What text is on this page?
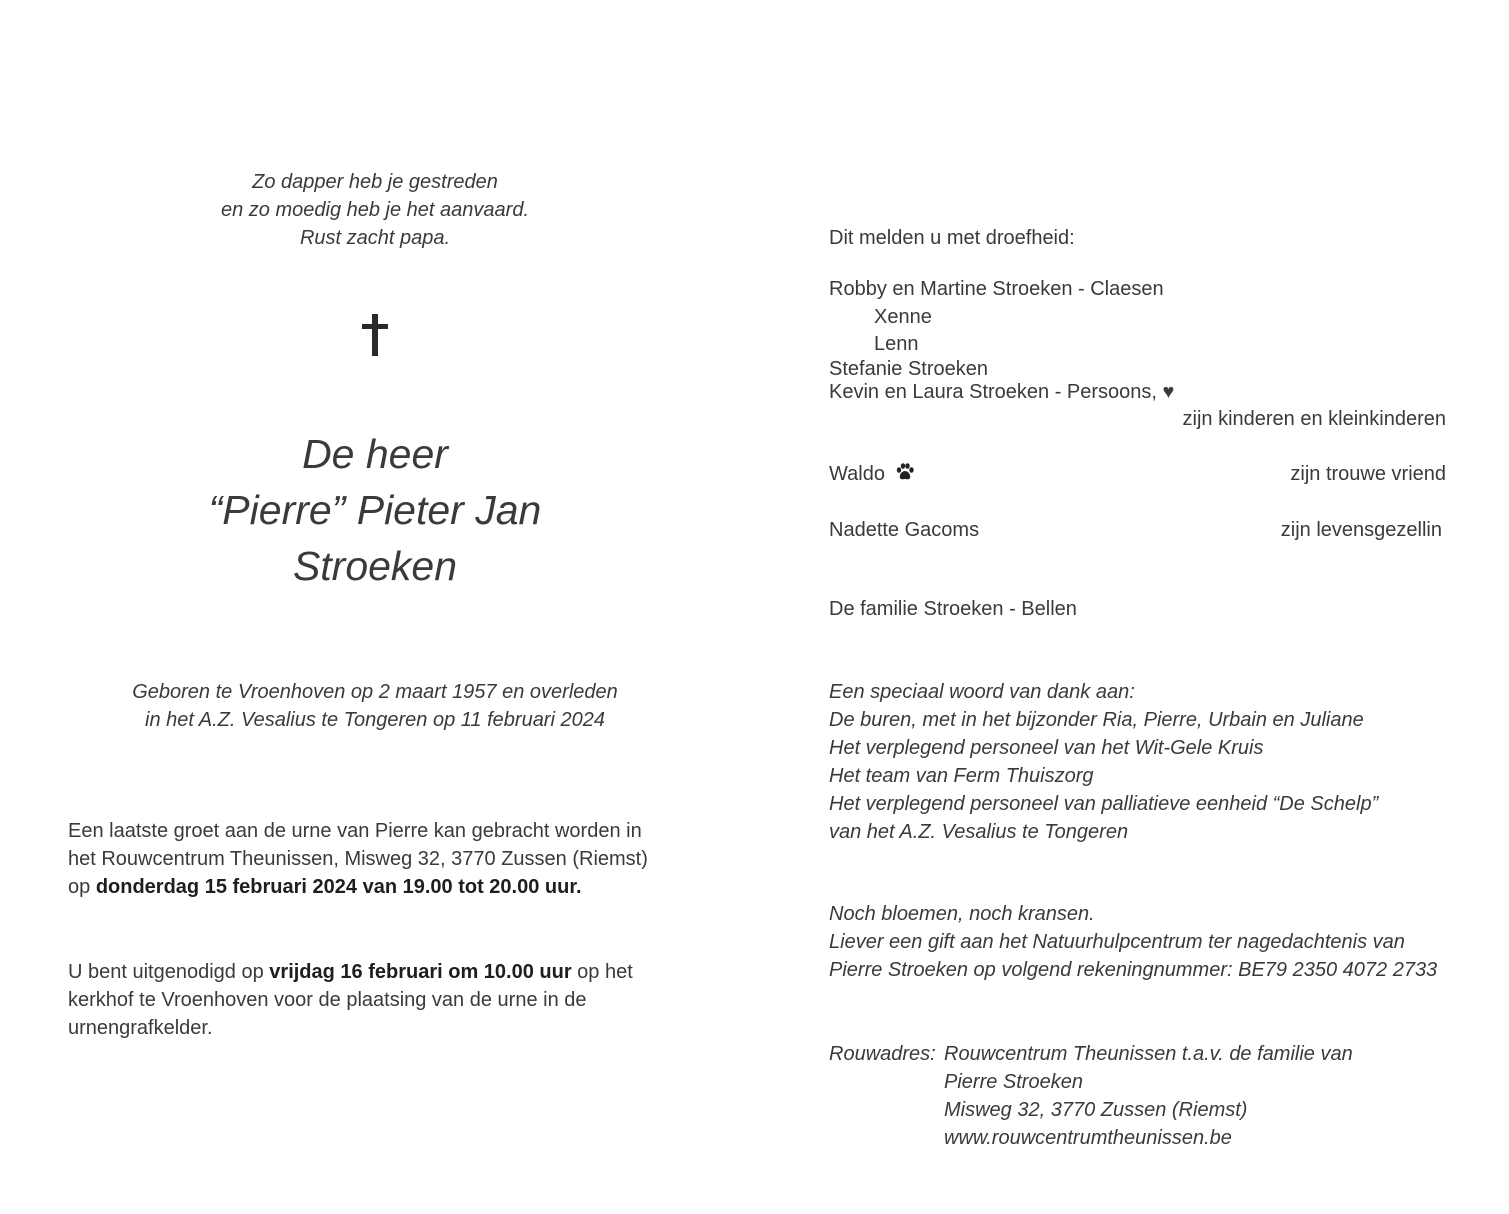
Zo dapper heb je gestreden
en zo moedig heb je het aanvaard.
Rust zacht papa.
De heer
“Pierre” Pieter Jan
Stroeken
Geboren te Vroenhoven op 2 maart 1957 en overleden
in het A.Z. Vesalius te Tongeren op 11 februari 2024
Een laatste groet aan de urne van Pierre kan gebracht worden in
het Rouwcentrum Theunissen, Misweg 32, 3770 Zussen (Riemst)
op donderdag 15 februari 2024 van 19.00 tot 20.00 uur.
U bent uitgenodigd op vrijdag 16 februari om 10.00 uur op het
kerkhof te Vroenhoven voor de plaatsing van de urne in de
urnengrafkelder.
Dit melden u met droefheid:
Robby en Martine Stroeken - Claesen
Xenne
Lenn
Stefanie Stroeken
Kevin en Laura Stroeken - Persoons, ♥
zijn kinderen en kleinkinderen
Waldo	zijn trouwe vriend
Nadette Gacoms	zijn levensgezellin
De familie Stroeken - Bellen
Een speciaal woord van dank aan:
De buren, met in het bijzonder Ria, Pierre, Urbain en Juliane
Het verplegend personeel van het Wit-Gele Kruis
Het team van Ferm Thuiszorg
Het verplegend personeel van palliatieve eenheid “De Schelp”
van het A.Z. Vesalius te Tongeren
Noch bloemen, noch kransen.
Liever een gift aan het Natuurhulpcentrum ter nagedachtenis van
Pierre Stroeken op volgend rekeningnummer: BE79 2350 4072 2733
Rouwadres: Rouwcentrum Theunissen t.a.v. de familie van
Pierre Stroeken
Misweg 32, 3770 Zussen (Riemst)
www.rouwcentrumtheunissen.be
